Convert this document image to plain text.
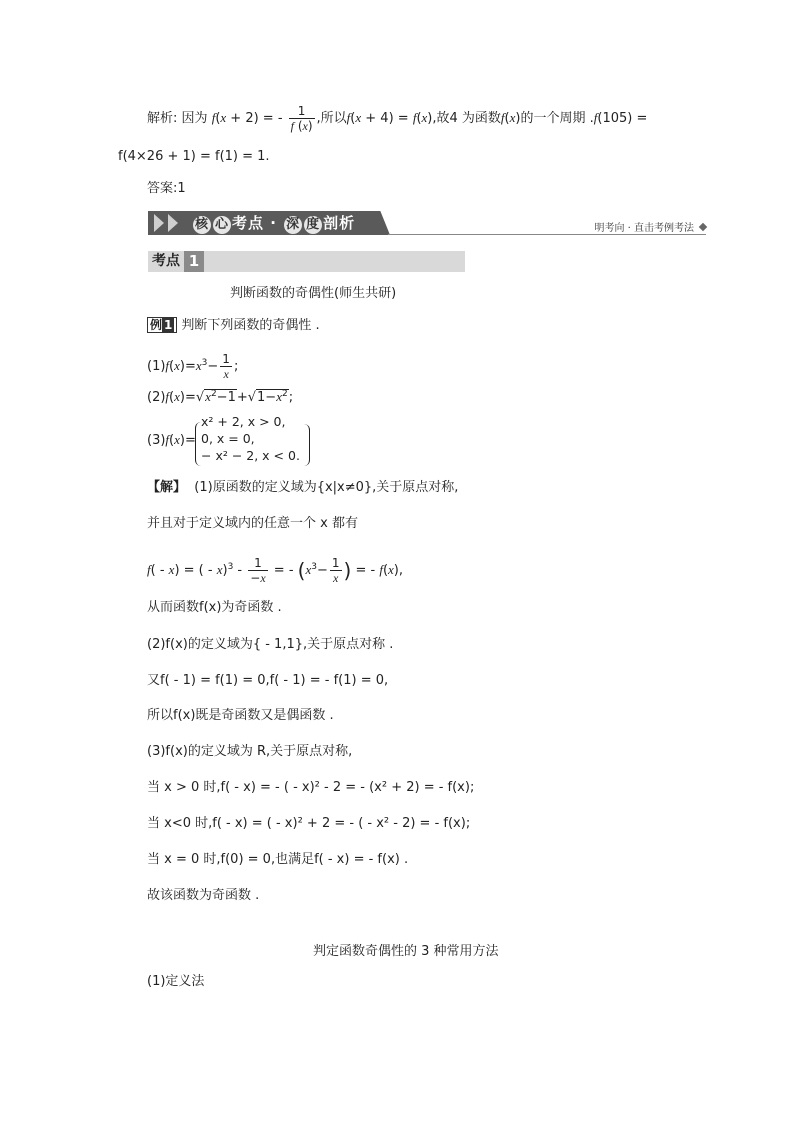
解析: 因为 f(x + 2) = - $\frac{1}{f (x)}$ ,所以f(x + 4) = f(x),故4 为函数f(x)的一个周期 .f(105) =
f(4×26 + 1) = f(1) = 1.
答案:1
核 心 考点 · 深 度 剖析	明考向 · 直击考例考法
考点 1
判断函数的奇偶性(师生共研)
例 1 判断下列函数的奇偶性 .
$(1)f(x)=x^3- \frac{1}{x}$ ;
$(2)f(x)=√x^2-1+√1-x^2$;
(3)f(x)=
x² + 2, x > 0,
0, x = 0,
− x² − 2, x < 0.
【解】 (1)原函数的定义域为{x|x≠0},关于原点对称,
并且对于定义域内的任意一个 x 都有
f( - x) = ( - $x)^3 - \frac{1}{-x}$ = - ($x^3- \frac{1}{x}$ ) = - f(x),
从而函数f(x)为奇函数 .
(2)f(x)的定义域为{ - 1,1},关于原点对称 .
又f( - 1) = f(1) = 0,f( - 1) = - f(1) = 0,
所以f(x)既是奇函数又是偶函数 .
(3)f(x)的定义域为 R,关于原点对称,
当 x > 0 时,f( - x) = - ( - x)² - 2 = - (x² + 2) = - f(x);
当 x<0 时,f( - x) = ( - x)² + 2 = - ( - x² - 2) = - f(x);
当 x = 0 时,f(0) = 0,也满足f( - x) = - f(x) .
故该函数为奇函数 .
判定函数奇偶性的 3 种常用方法
(1)定义法
